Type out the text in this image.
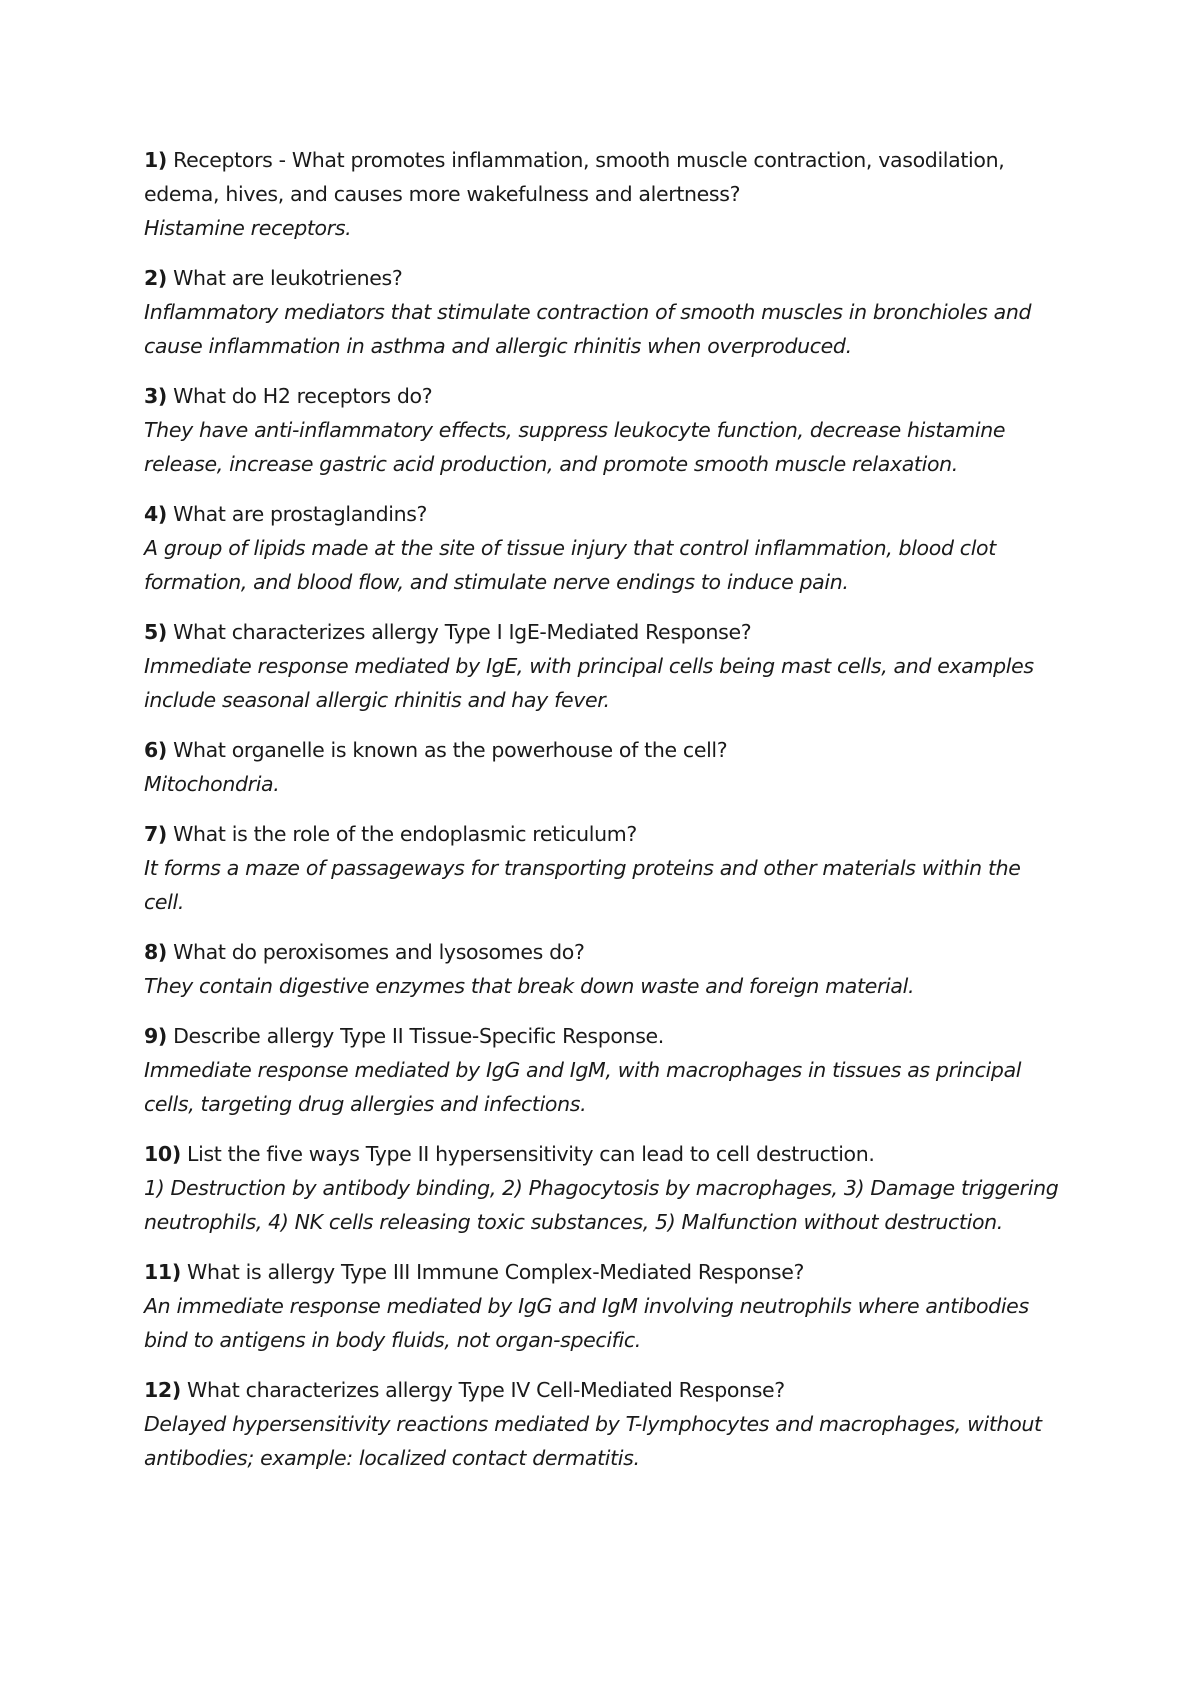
1) Receptors - What promotes inflammation, smooth muscle contraction, vasodilation, edema, hives, and causes more wakefulness and alertness?
Histamine receptors.
2) What are leukotrienes?
Inflammatory mediators that stimulate contraction of smooth muscles in bronchioles and cause inflammation in asthma and allergic rhinitis when overproduced.
3) What do H2 receptors do?
They have anti-inflammatory effects, suppress leukocyte function, decrease histamine release, increase gastric acid production, and promote smooth muscle relaxation.
4) What are prostaglandins?
A group of lipids made at the site of tissue injury that control inflammation, blood clot formation, and blood flow, and stimulate nerve endings to induce pain.
5) What characterizes allergy Type I IgE-Mediated Response?
Immediate response mediated by IgE, with principal cells being mast cells, and examples include seasonal allergic rhinitis and hay fever.
6) What organelle is known as the powerhouse of the cell?
Mitochondria.
7) What is the role of the endoplasmic reticulum?
It forms a maze of passageways for transporting proteins and other materials within the cell.
8) What do peroxisomes and lysosomes do?
They contain digestive enzymes that break down waste and foreign material.
9) Describe allergy Type II Tissue-Specific Response.
Immediate response mediated by IgG and IgM, with macrophages in tissues as principal cells, targeting drug allergies and infections.
10) List the five ways Type II hypersensitivity can lead to cell destruction.
1) Destruction by antibody binding, 2) Phagocytosis by macrophages, 3) Damage triggering neutrophils, 4) NK cells releasing toxic substances, 5) Malfunction without destruction.
11) What is allergy Type III Immune Complex-Mediated Response?
An immediate response mediated by IgG and IgM involving neutrophils where antibodies bind to antigens in body fluids, not organ-specific.
12) What characterizes allergy Type IV Cell-Mediated Response?
Delayed hypersensitivity reactions mediated by T-lymphocytes and macrophages, without antibodies; example: localized contact dermatitis.
